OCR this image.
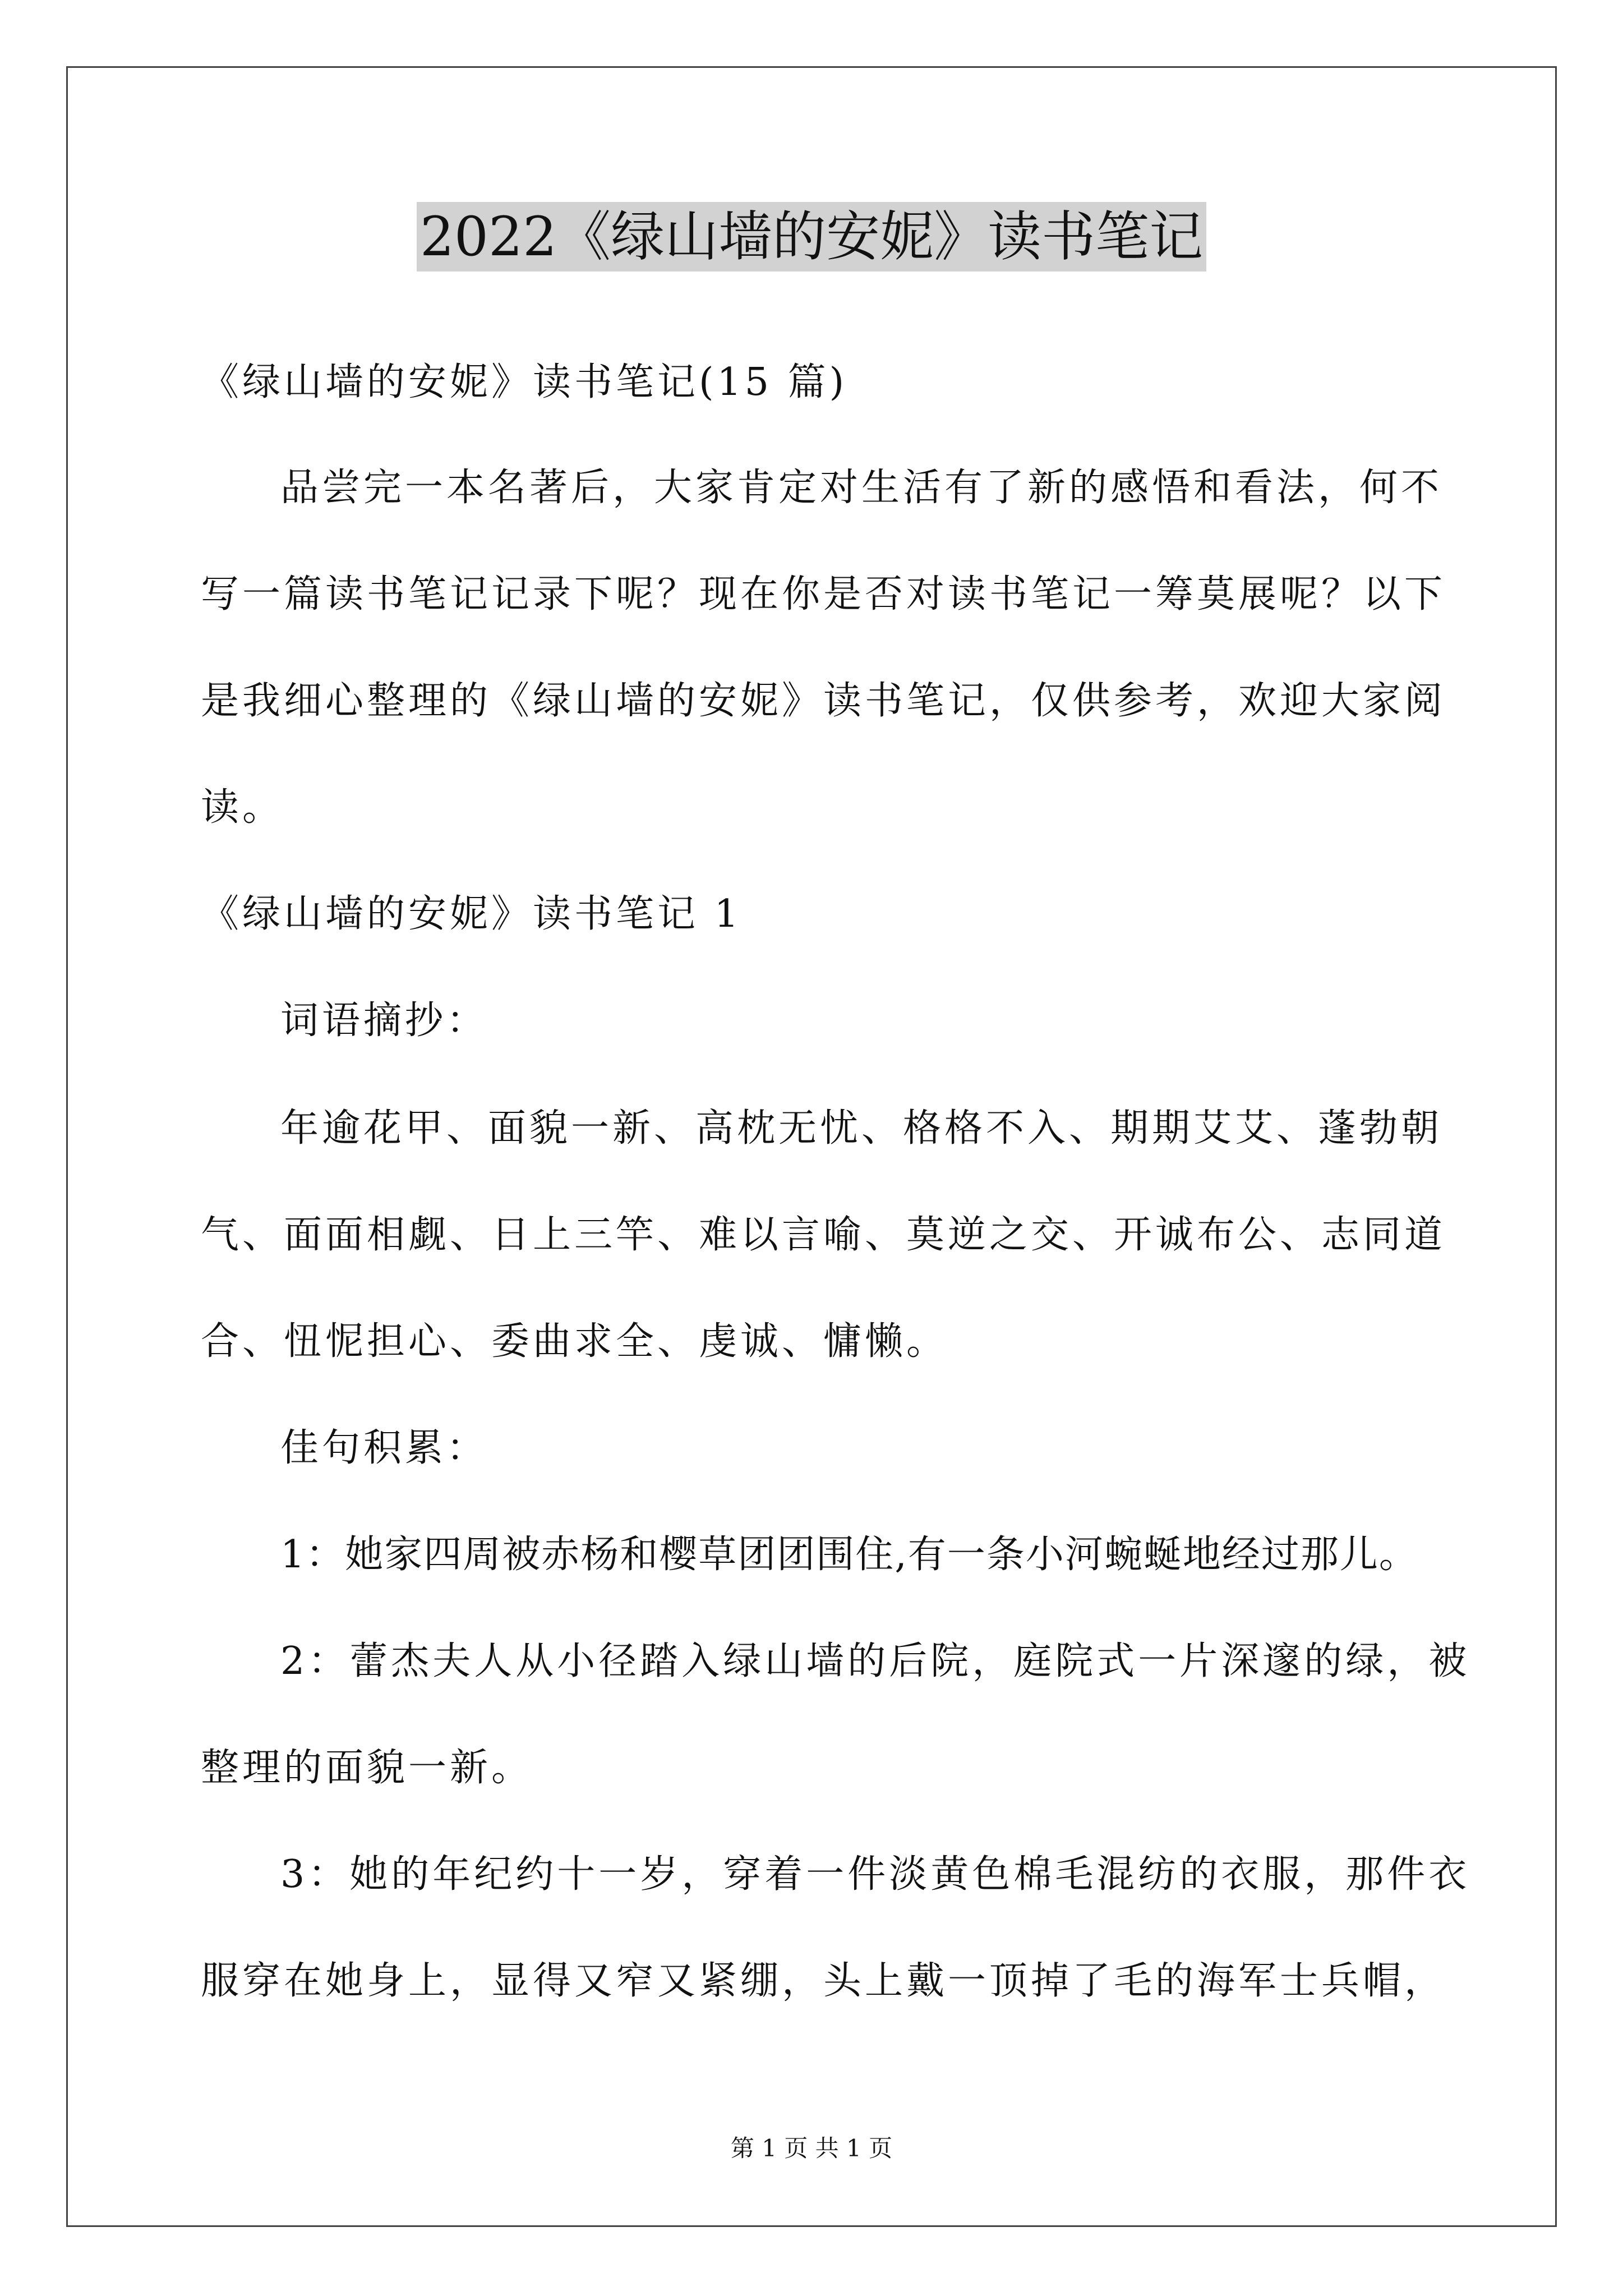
2022《绿山墙的安妮》读书笔记
《绿山墙的安妮》读书笔记(15 篇)
品尝完一本名著后，大家肯定对生活有了新的感悟和看法，何不
写一篇读书笔记记录下呢？现在你是否对读书笔记一筹莫展呢？以下
是我细心整理的《绿山墙的安妮》读书笔记，仅供参考，欢迎大家阅
读。
《绿山墙的安妮》读书笔记 1
词语摘抄：
年逾花甲、面貌一新、高枕无忧、格格不入、期期艾艾、蓬勃朝
气、面面相觑、日上三竿、难以言喻、莫逆之交、开诚布公、志同道
合、忸怩担心、委曲求全、虔诚、慵懒。
佳句积累：
1：她家四周被赤杨和樱草团团围住,有一条小河蜿蜒地经过那儿。
2：蕾杰夫人从小径踏入绿山墙的后院，庭院式一片深邃的绿，被
整理的面貌一新。
3：她的年纪约十一岁，穿着一件淡黄色棉毛混纺的衣服，那件衣
服穿在她身上，显得又窄又紧绷，头上戴一顶掉了毛的海军士兵帽，
第 1 页 共 1 页
